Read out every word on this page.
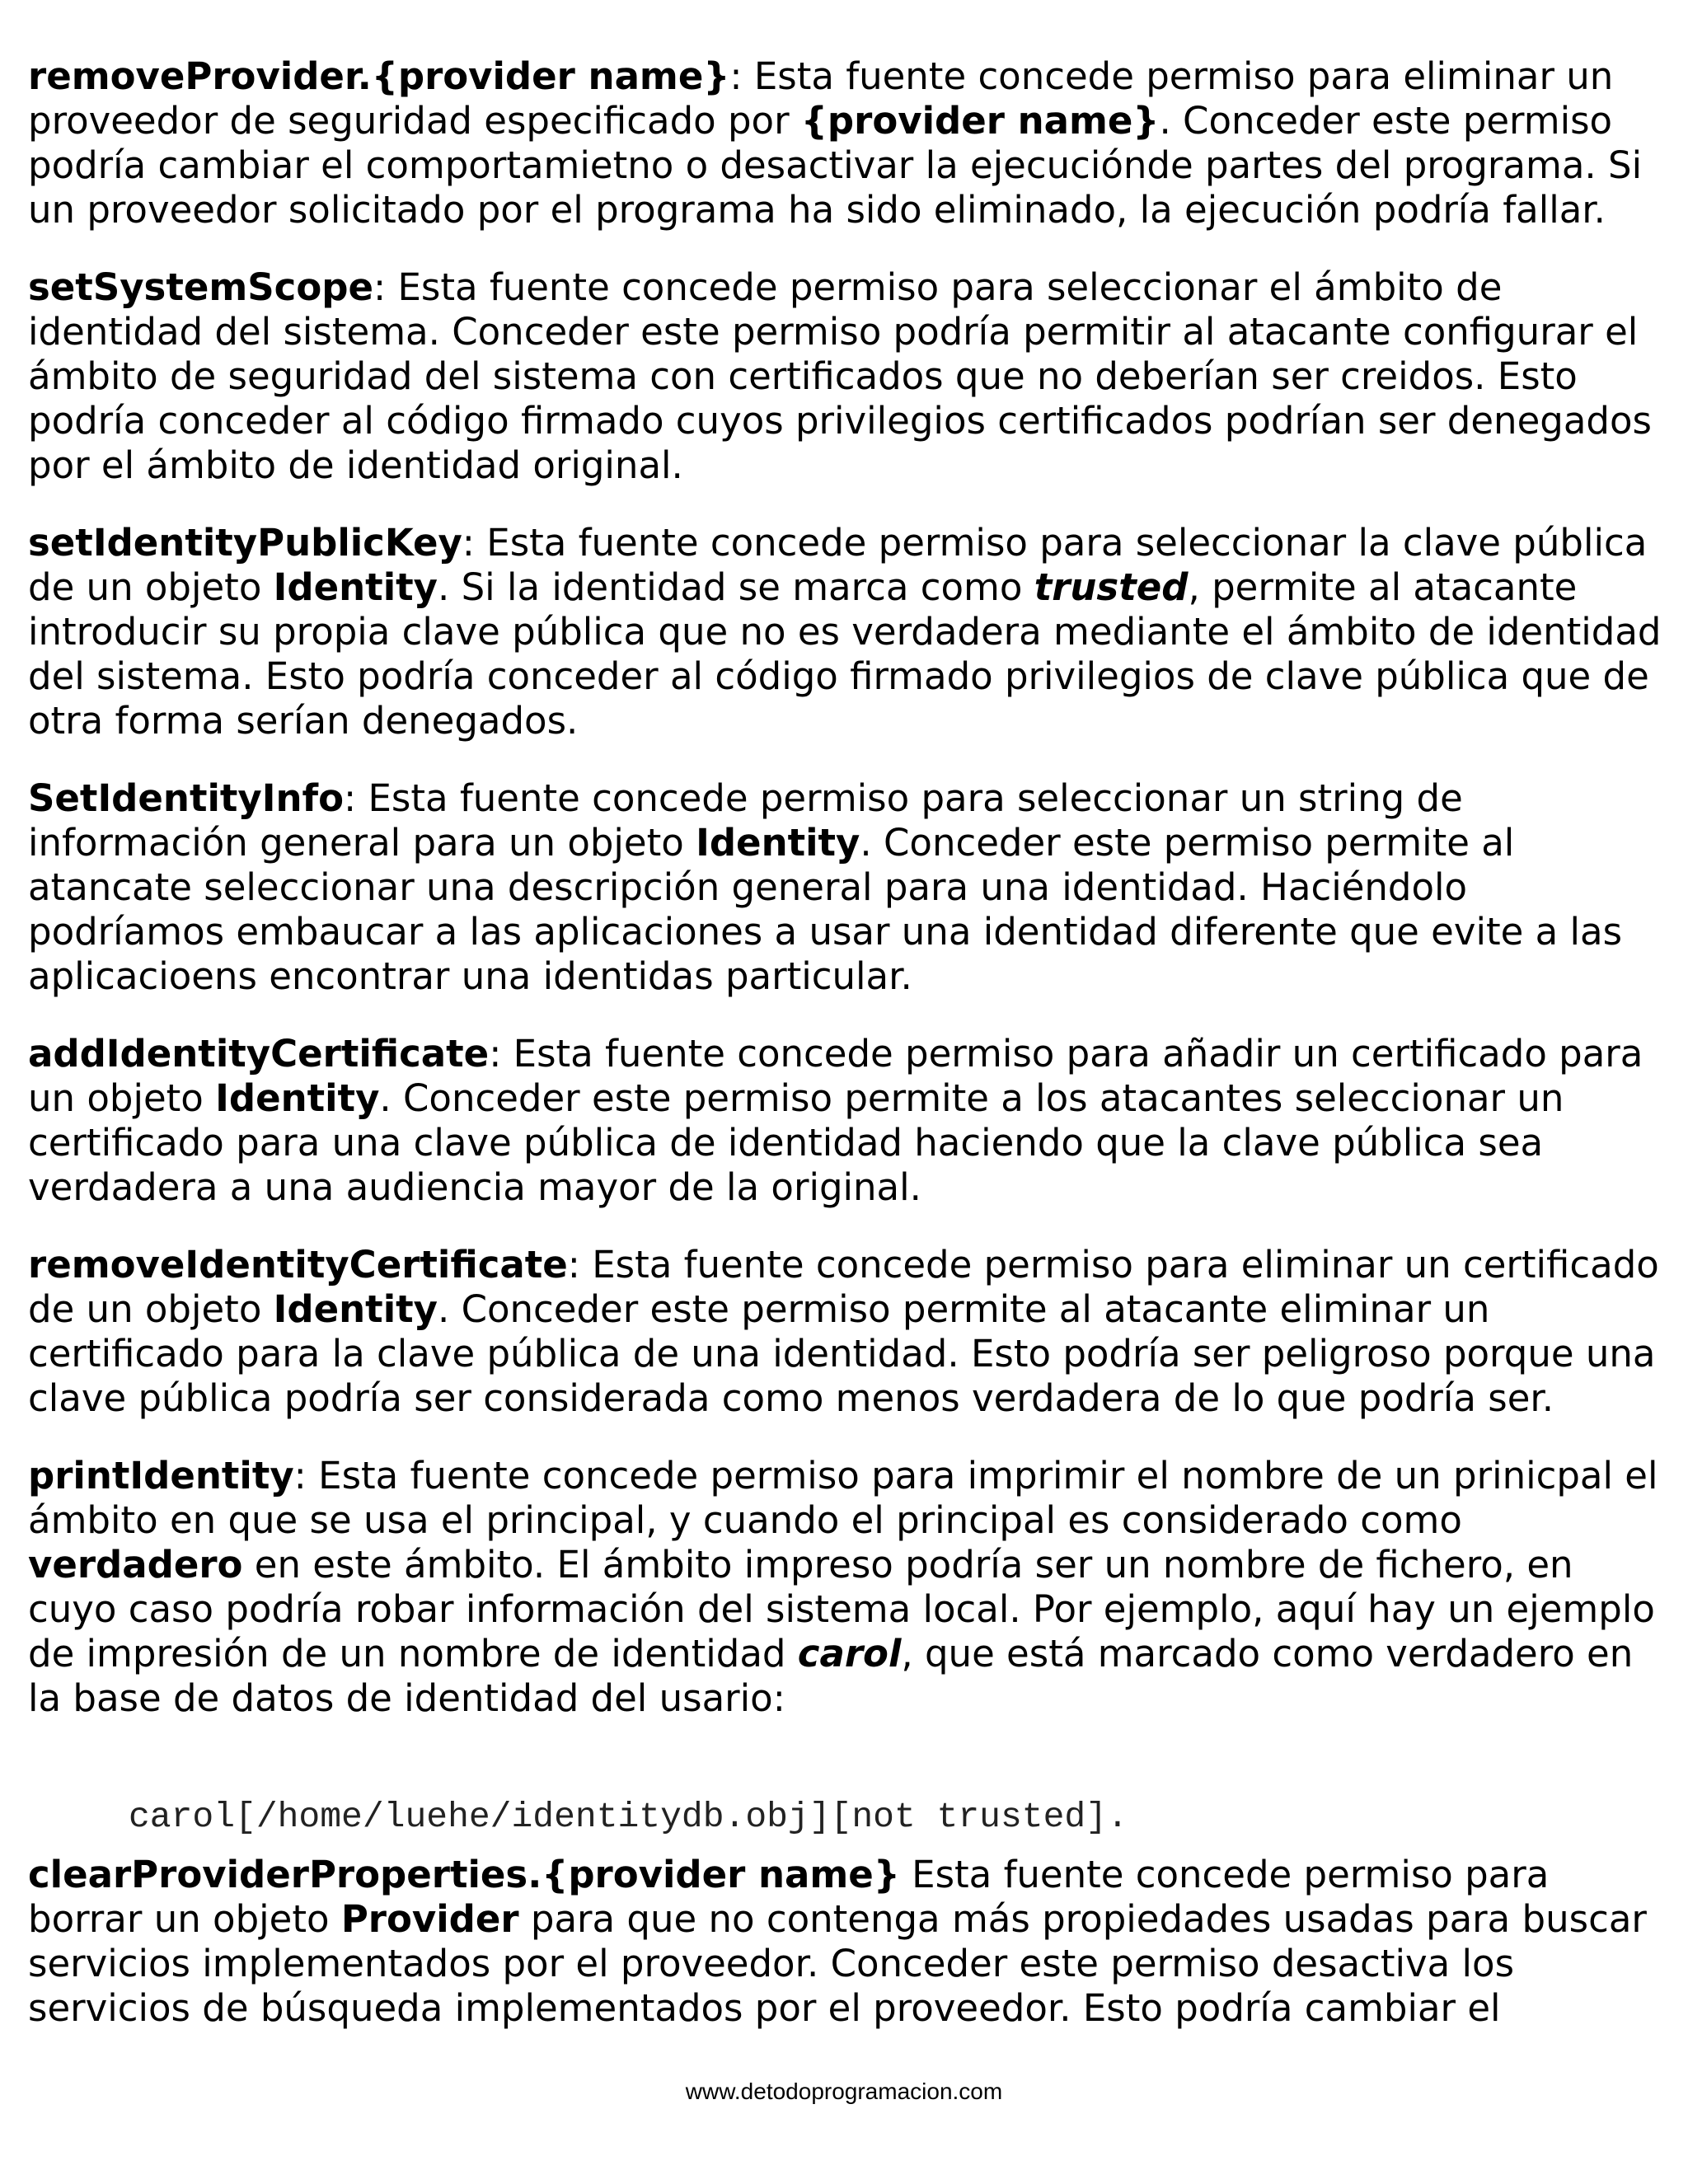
removeProvider.{provider name}: Esta fuente concede permiso para eliminar un proveedor de seguridad especificado por {provider name}. Conceder este permiso podría cambiar el comportamietno o desactivar la ejecuciónde partes del programa. Si un proveedor solicitado por el programa ha sido eliminado, la ejecución podría fallar.

setSystemScope: Esta fuente concede permiso para seleccionar el ámbito de identidad del sistema. Conceder este permiso podría permitir al atacante configurar el ámbito de seguridad del sistema con certificados que no deberían ser creidos. Esto podría conceder al código firmado cuyos privilegios certificados podrían ser denegados por el ámbito de identidad original.

setIdentityPublicKey: Esta fuente concede permiso para seleccionar la clave pública de un objeto Identity. Si la identidad se marca como trusted, permite al atacante introducir su propia clave pública que no es verdadera mediante el ámbito de identidad del sistema. Esto podría conceder al código firmado privilegios de clave pública que de otra forma serían denegados.

SetIdentityInfo: Esta fuente concede permiso para seleccionar un string de información general para un objeto Identity. Conceder este permiso permite al atancate seleccionar una descripción general para una identidad. Haciéndolo podríamos embaucar a las aplicaciones a usar una identidad diferente que evite a las aplicacioens encontrar una identidas particular.

addIdentityCertificate: Esta fuente concede permiso para añadir un certificado para un objeto Identity. Conceder este permiso permite a los atacantes seleccionar un certificado para una clave pública de identidad haciendo que la clave pública sea verdadera a una audiencia mayor de la original.

removeIdentityCertificate: Esta fuente concede permiso para eliminar un certificado de un objeto Identity. Conceder este permiso permite al atacante eliminar un certificado para la clave pública de una identidad. Esto podría ser peligroso porque una clave pública podría ser considerada como menos verdadera de lo que podría ser.

printIdentity: Esta fuente concede permiso para imprimir el nombre de un prinicpal el ámbito en que se usa el principal, y cuando el principal es considerado como verdadero en este ámbito. El ámbito impreso podría ser un nombre de fichero, en cuyo caso podría robar información del sistema local. Por ejemplo, aquí hay un ejemplo de impresión de un nombre de identidad carol, que está marcado como verdadero en la base de datos de identidad del usario:

carol[/home/luehe/identitydb.obj][not trusted].

clearProviderProperties.{provider name} Esta fuente concede permiso para borrar un objeto Provider para que no contenga más propiedades usadas para buscar servicios implementados por el proveedor. Conceder este permiso desactiva los servicios de búsqueda implementados por el proveedor. Esto podría cambiar el

www.detodoprogramacion.com
